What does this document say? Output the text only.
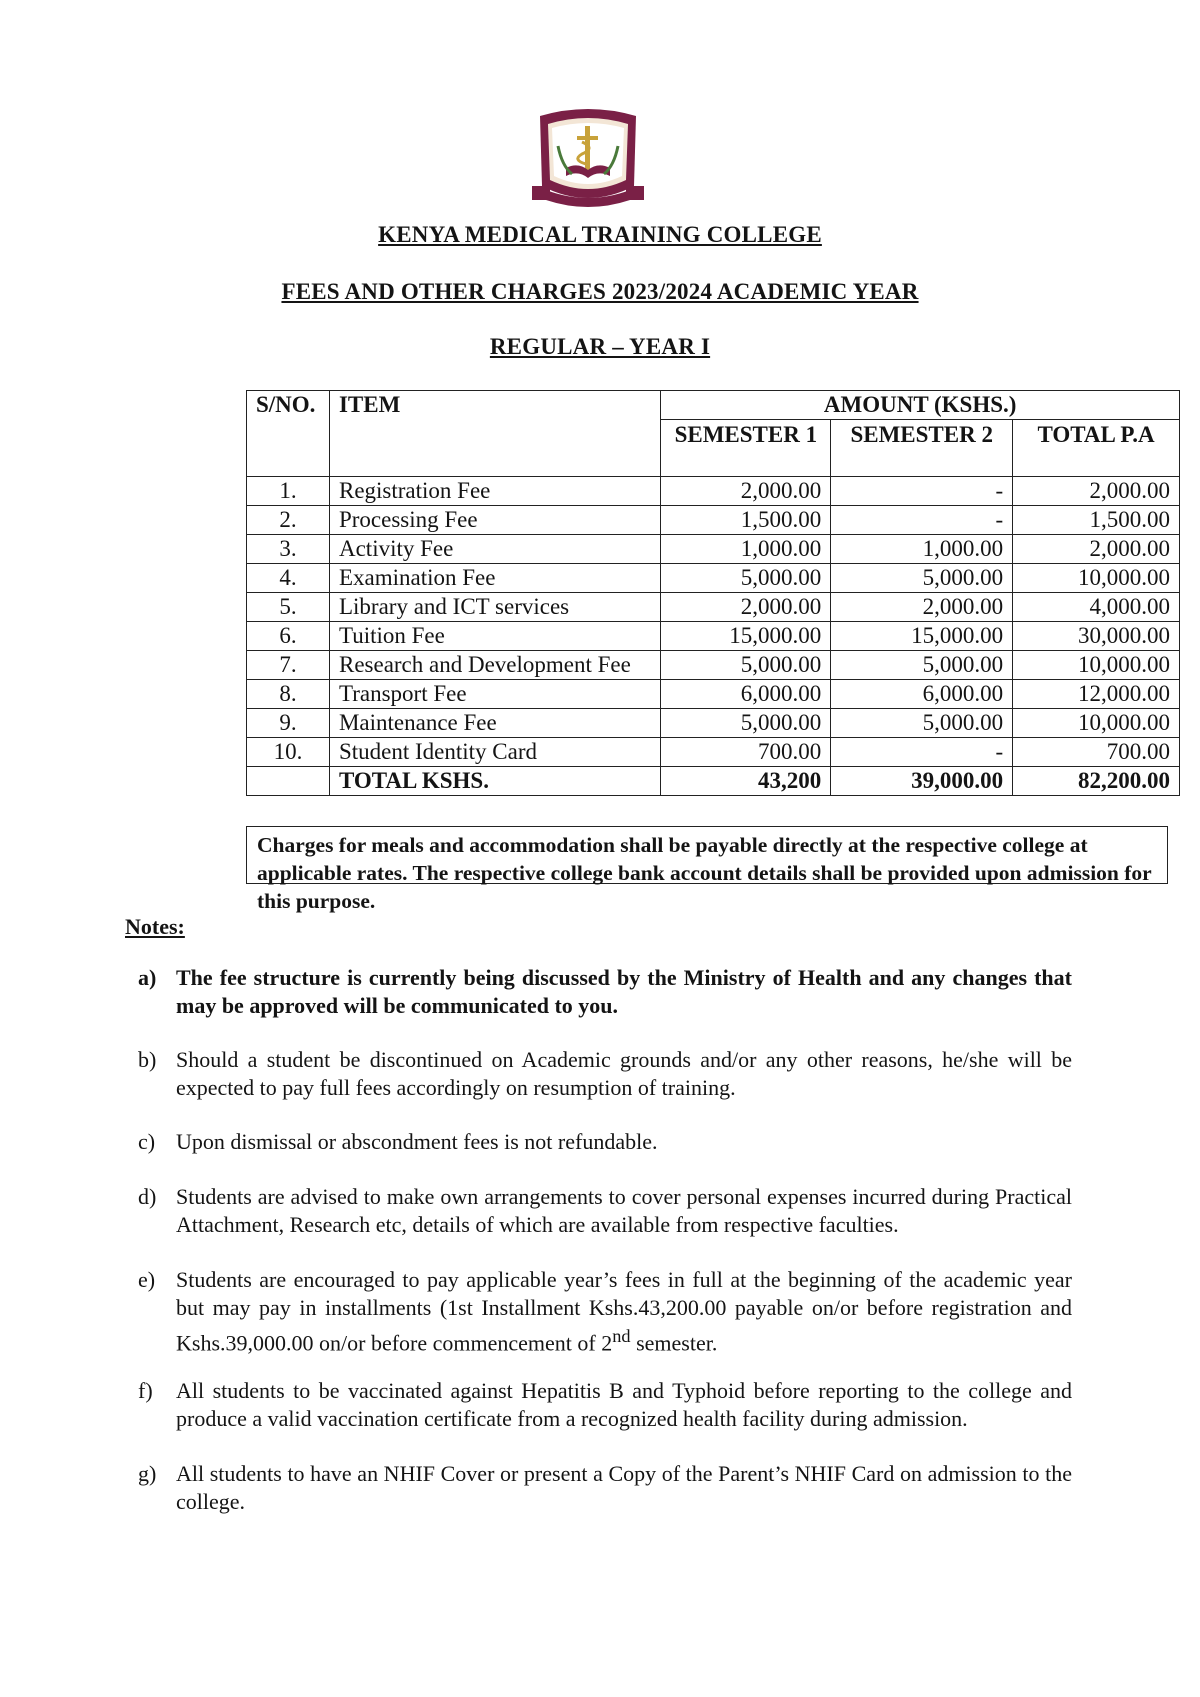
KENYA MEDICAL TRAINING COLLEGE
FEES AND OTHER CHARGES 2023/2024 ACADEMIC YEAR
REGULAR – YEAR I
S/NO.	ITEM	AMOUNT (KSHS.)		
		SEMESTER 1	SEMESTER 2	TOTAL P.A
1.	Registration Fee	2,000.00	-	2,000.00
2.	Processing Fee	1,500.00	-	1,500.00
3.	Activity Fee	1,000.00	1,000.00	2,000.00
4.	Examination Fee	5,000.00	5,000.00	10,000.00
5.	Library and ICT services	2,000.00	2,000.00	4,000.00
6.	Tuition Fee	15,000.00	15,000.00	30,000.00
7.	Research and Development Fee	5,000.00	5,000.00	10,000.00
8.	Transport Fee	6,000.00	6,000.00	12,000.00
9.	Maintenance Fee	5,000.00	5,000.00	10,000.00
10.	Student Identity Card	700.00	-	700.00
	TOTAL KSHS.	43,200	39,000.00	82,200.00
Charges for meals and accommodation shall be payable directly at the respective college at applicable rates. The respective college bank account details shall be provided upon admission for this purpose.
Notes:
a) The fee structure is currently being discussed by the Ministry of Health and any changes that may be approved will be communicated to you.
b) Should a student be discontinued on Academic grounds and/or any other reasons, he/she will be expected to pay full fees accordingly on resumption of training.
c) Upon dismissal or abscondment fees is not refundable.
d) Students are advised to make own arrangements to cover personal expenses incurred during Practical Attachment, Research etc, details of which are available from respective faculties.
e) Students are encouraged to pay applicable year’s fees in full at the beginning of the academic year but may pay in installments (1st Installment Kshs.43,200.00 payable on/or before registration and Kshs.39,000.00 on/or before commencement of 2nd semester.
f)	All students to be vaccinated against Hepatitis B and Typhoid before reporting to the college and produce a valid vaccination certificate from a recognized health facility during admission.
g) All students to have an NHIF Cover or present a Copy of the Parent’s NHIF Card on admission to the college.
